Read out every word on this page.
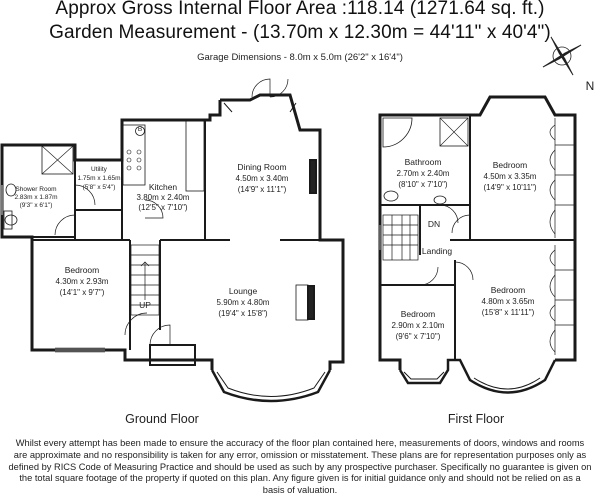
Approx Gross Internal Floor Area :118.14 (1271.64 sq. ft.)
Garden Measurement - (13.70m x 12.30m = 44'11" x 40'4")
Garage Dimensions - 8.0m x 5.0m (26'2" x 16'4")
N
Shower Room
2.83m x 1.87m
(9'3" x 6'1")
Utility
1.75m x 1.65m
(5'8" x 5'4")
B
Kitchen
3.80m x 2.40m
(12'5" x 7'10")
Dining Room
4.50m x 3.40m
(14'9" x 11'1")
Bedroom
4.30m x 2.93m
(14'1" x 9'7")	Lounge
5.90m x 4.80m
(19'4" x 15'8")
UP
Ground Floor
Bathroom
2.70m x 2.40m
(8'10" x 7'10")
Bedroom
4.50m x 3.35m
(14'9" x 10'11")
DN
Landing
Bedroom
2.90m x 2.10m
(9'6" x 7'10")
Bedroom
4.80m x 3.65m
(15'8" x 11'11")
First Floor
Whilst every attempt has been made to ensure the accuracy of the floor plan contained here, measurements of doors, windows and rooms are approximate and no responsibility is taken for any error, omission or misstatement. These plans are for representation purposes only as defined by RICS Code of Measuring Practice and should be used as such by any prospective purchaser. Specifically no guarantee is given on the total square footage of the property if quoted on this plan. Any figure given is for initial guidance only and should not be relied on as a basis of valuation.
